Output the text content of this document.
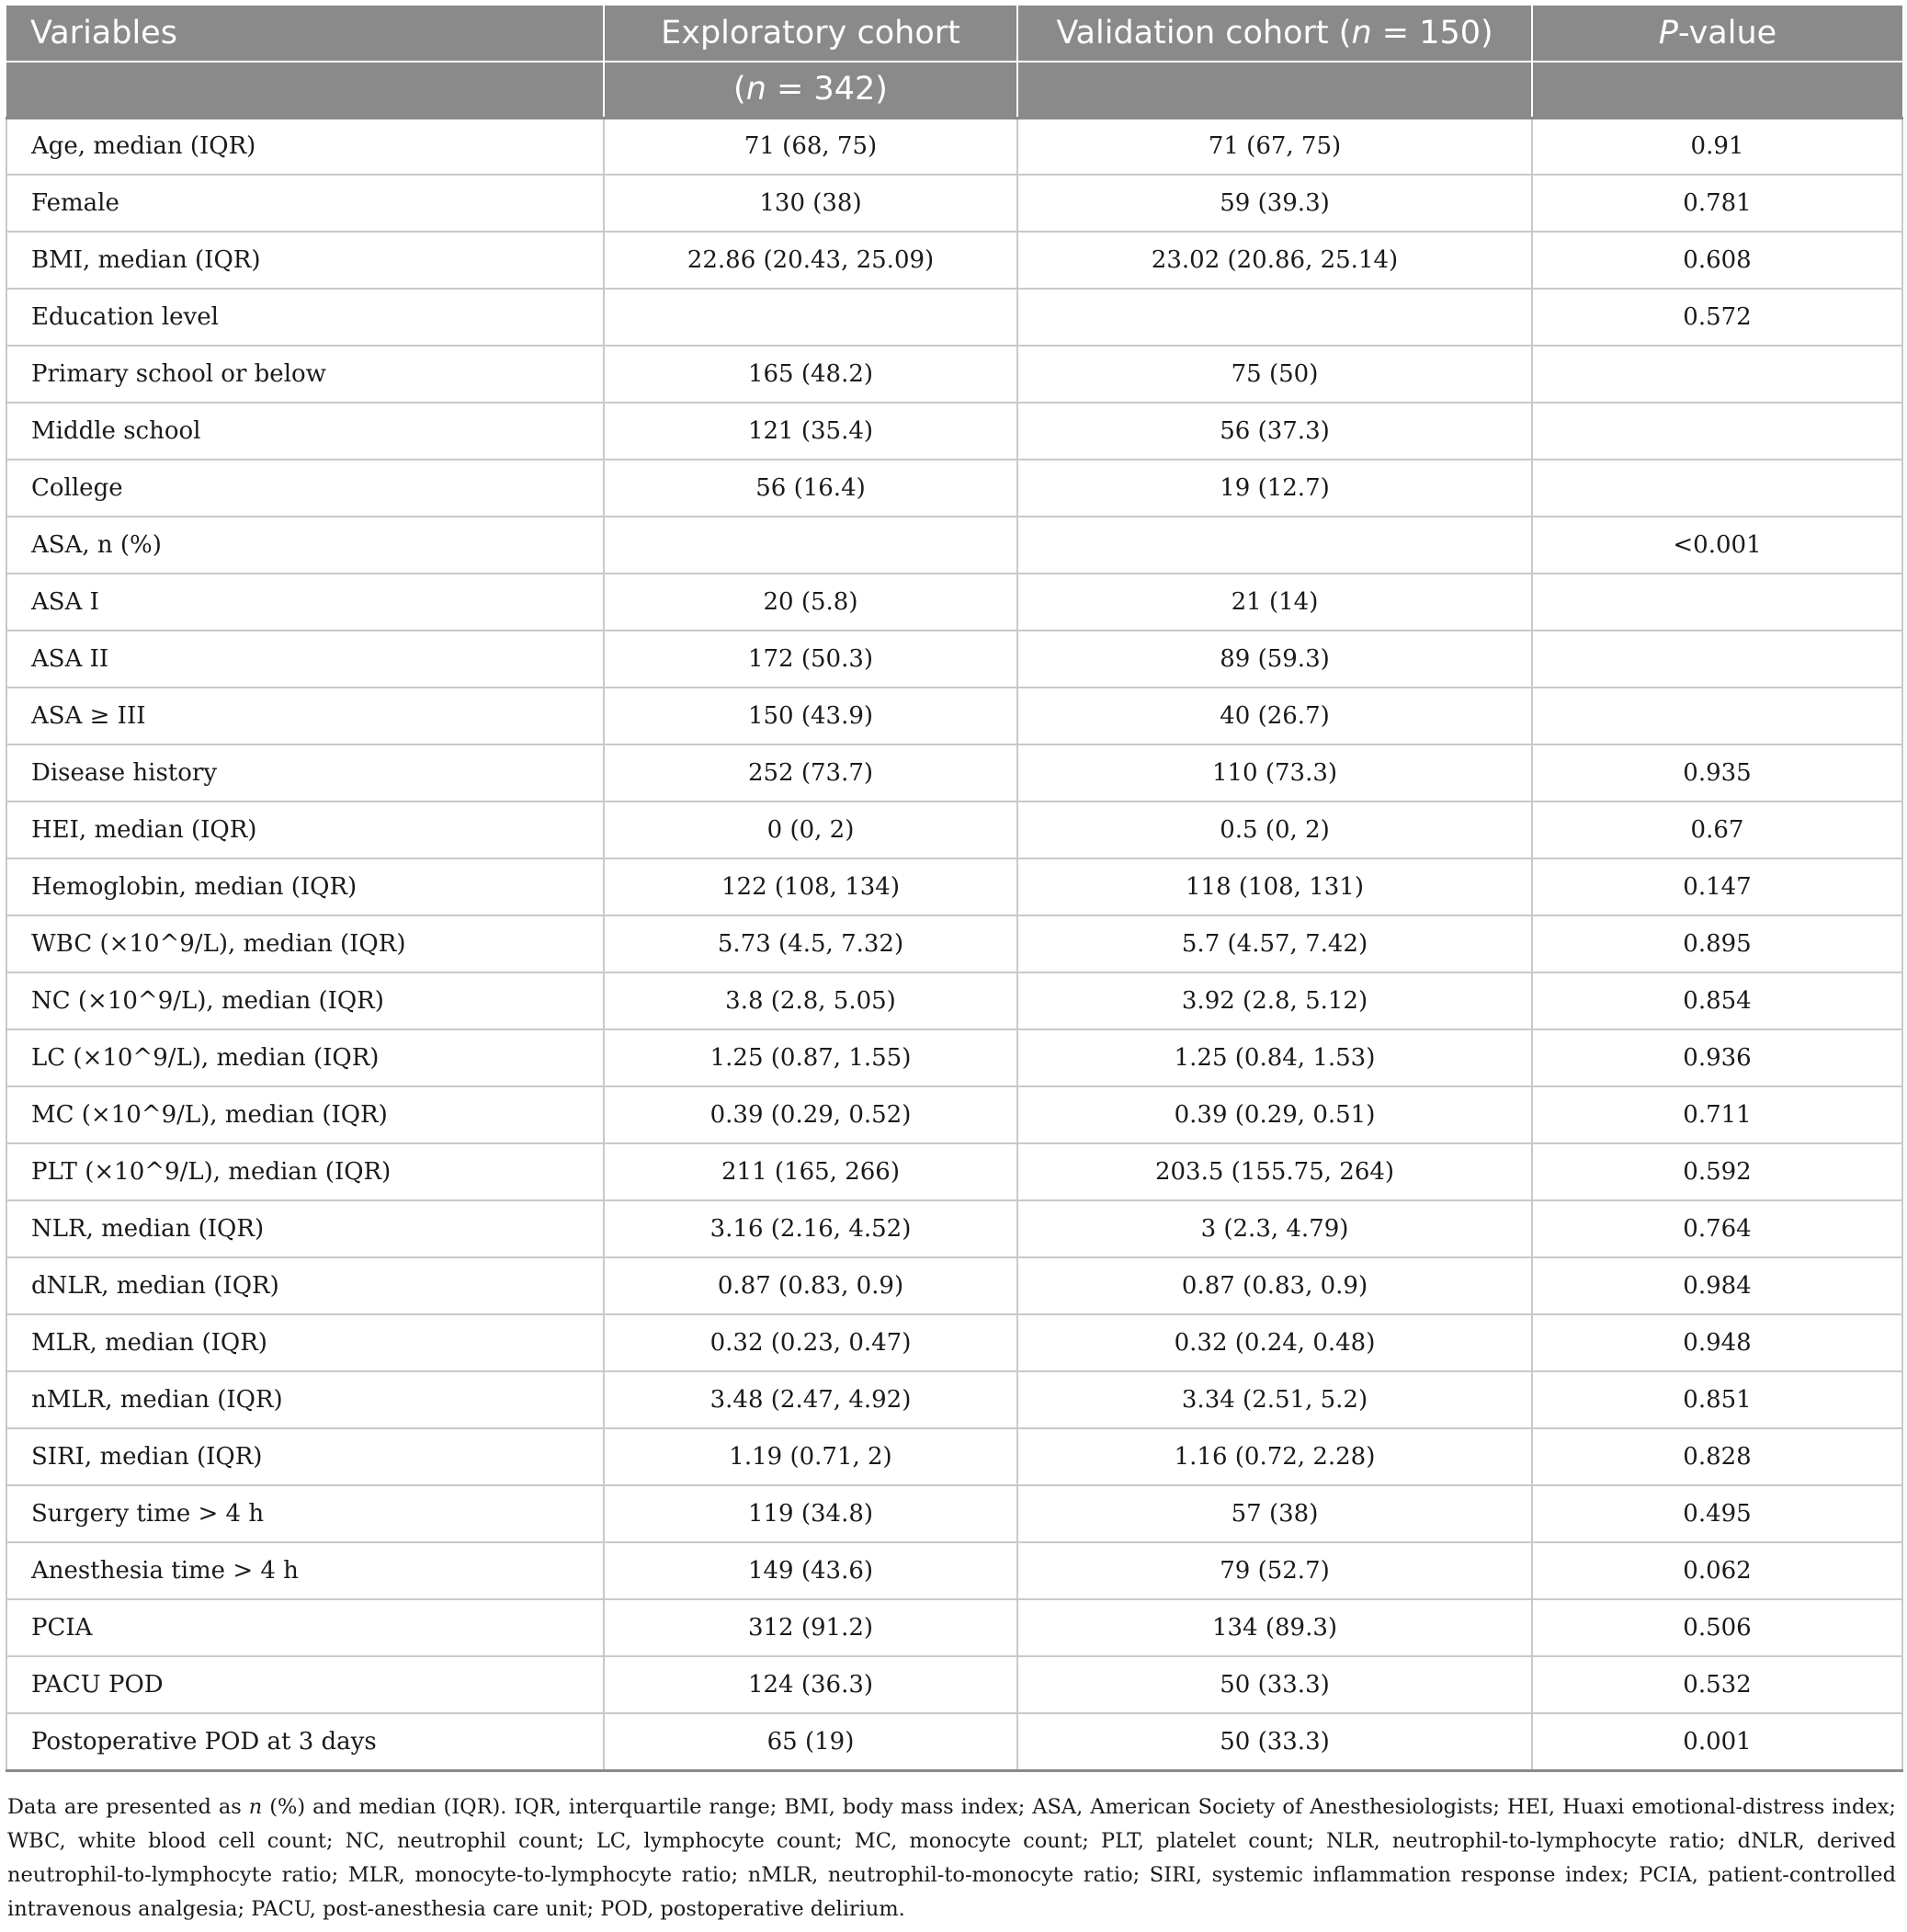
Variables	Exploratory cohort	Validation cohort (n = 150)	P-value
	(n = 342)		
Age, median (IQR)	71 (68, 75)	71 (67, 75)	0.91
Female	130 (38)	59 (39.3)	0.781
BMI, median (IQR)	22.86 (20.43, 25.09)	23.02 (20.86, 25.14)	0.608
Education level			0.572
Primary school or below	165 (48.2)	75 (50)	
Middle school	121 (35.4)	56 (37.3)	
College	56 (16.4)	19 (12.7)	
ASA, n (%)			<0.001
ASA I	20 (5.8)	21 (14)	
ASA II	172 (50.3)	89 (59.3)	
ASA ≥ III	150 (43.9)	40 (26.7)	
Disease history	252 (73.7)	110 (73.3)	0.935
HEI, median (IQR)	0 (0, 2)	0.5 (0, 2)	0.67
Hemoglobin, median (IQR)	122 (108, 134)	118 (108, 131)	0.147
WBC (×10^9/L), median (IQR)	5.73 (4.5, 7.32)	5.7 (4.57, 7.42)	0.895
NC (×10^9/L), median (IQR)	3.8 (2.8, 5.05)	3.92 (2.8, 5.12)	0.854
LC (×10^9/L), median (IQR)	1.25 (0.87, 1.55)	1.25 (0.84, 1.53)	0.936
MC (×10^9/L), median (IQR)	0.39 (0.29, 0.52)	0.39 (0.29, 0.51)	0.711
PLT (×10^9/L), median (IQR)	211 (165, 266)	203.5 (155.75, 264)	0.592
NLR, median (IQR)	3.16 (2.16, 4.52)	3 (2.3, 4.79)	0.764
dNLR, median (IQR)	0.87 (0.83, 0.9)	0.87 (0.83, 0.9)	0.984
MLR, median (IQR)	0.32 (0.23, 0.47)	0.32 (0.24, 0.48)	0.948
nMLR, median (IQR)	3.48 (2.47, 4.92)	3.34 (2.51, 5.2)	0.851
SIRI, median (IQR)	1.19 (0.71, 2)	1.16 (0.72, 2.28)	0.828
Surgery time > 4 h	119 (34.8)	57 (38)	0.495
Anesthesia time > 4 h	149 (43.6)	79 (52.7)	0.062
PCIA	312 (91.2)	134 (89.3)	0.506
PACU POD	124 (36.3)	50 (33.3)	0.532
Postoperative POD at 3 days	65 (19)	50 (33.3)	0.001
Data are presented as n (%) and median (IQR). IQR, interquartile range; BMI, body mass index; ASA, American Society of Anesthesiologists; HEI, Huaxi emotional-distress index; WBC, white blood cell count; NC, neutrophil count; LC, lymphocyte count; MC, monocyte count; PLT, platelet count; NLR, neutrophil-to-lymphocyte ratio; dNLR, derived neutrophil-to-lymphocyte ratio; MLR, monocyte-to-lymphocyte ratio; nMLR, neutrophil-to-monocyte ratio; SIRI, systemic inflammation response index; PCIA, patient-controlled intravenous analgesia; PACU, post-anesthesia care unit; POD, postoperative delirium.
